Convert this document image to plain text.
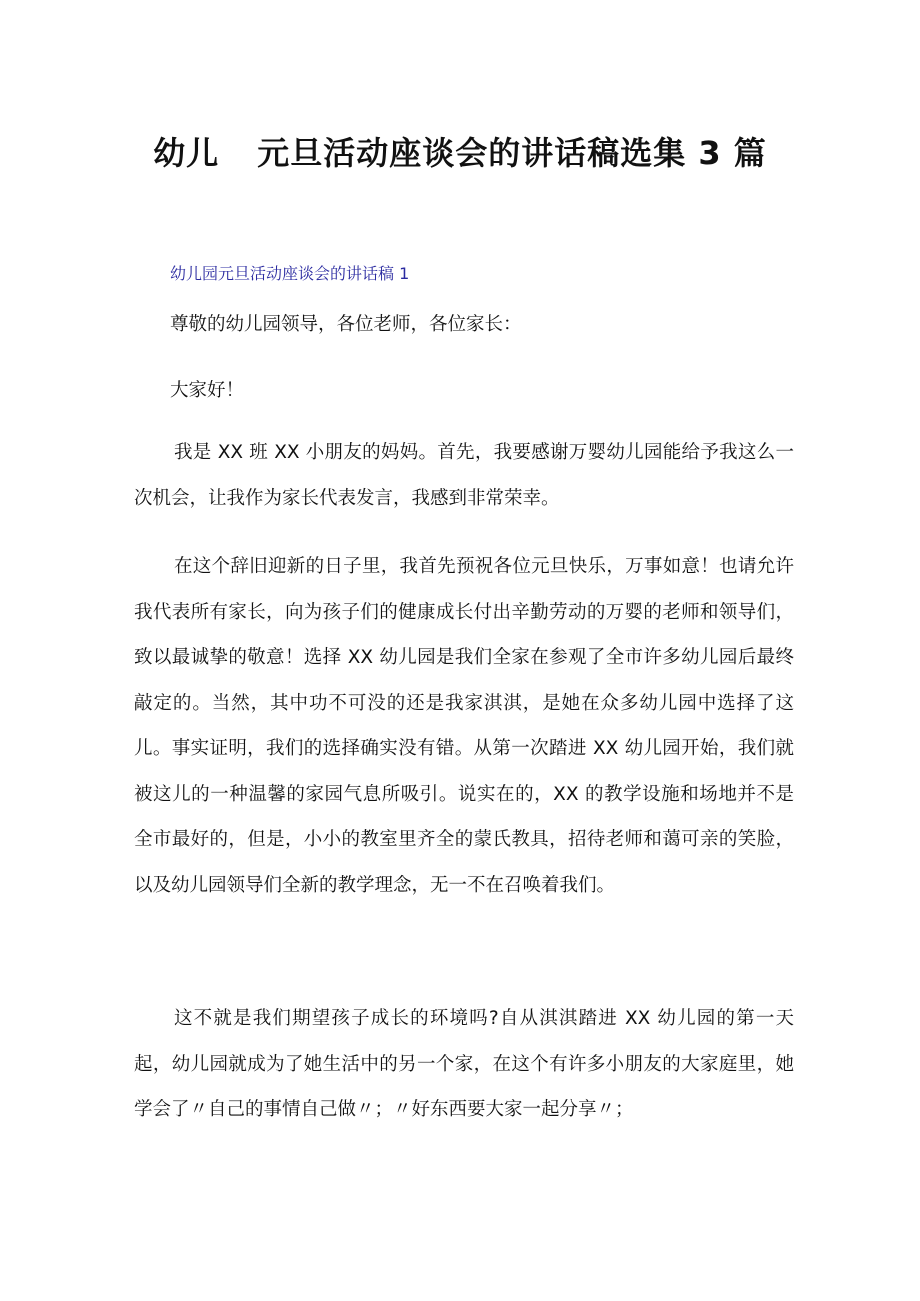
幼儿 元旦活动座谈会的讲话稿选集 3 篇
幼儿园元旦活动座谈会的讲话稿 1
尊敬的幼儿园领导，各位老师，各位家长：
大家好！

我是 XX 班 XX 小朋友的妈妈。首先，我要感谢万婴幼儿园能给予我这么一次机会，让我作为家长代表发言，我感到非常荣幸。

在这个辞旧迎新的日子里，我首先预祝各位元旦快乐，万事如意！也请允许我代表所有家长，向为孩子们的健康成长付出辛勤劳动的万婴的老师和领导们，致以最诚挚的敬意！选择 XX 幼儿园是我们全家在参观了全市许多幼儿园后最终敲定的。当然，其中功不可没的还是我家淇淇，是她在众多幼儿园中选择了这儿。事实证明，我们的选择确实没有错。从第一次踏进 XX 幼儿园开始，我们就被这儿的一种温馨的家园气息所吸引。说实在的，XX 的教学设施和场地并不是全市最好的，但是，小小的教室里齐全的蒙氏教具，招待老师和蔼可亲的笑脸，以及幼儿园领导们全新的教学理念，无一不在召唤着我们。

这不就是我们期望孩子成长的环境吗?自从淇淇踏进 XX 幼儿园的第一天起，幼儿园就成为了她生活中的另一个家，在这个有许多小朋友的大家庭里，她学会了〃自己的事情自己做〃；〃好东西要大家一起分享〃；
